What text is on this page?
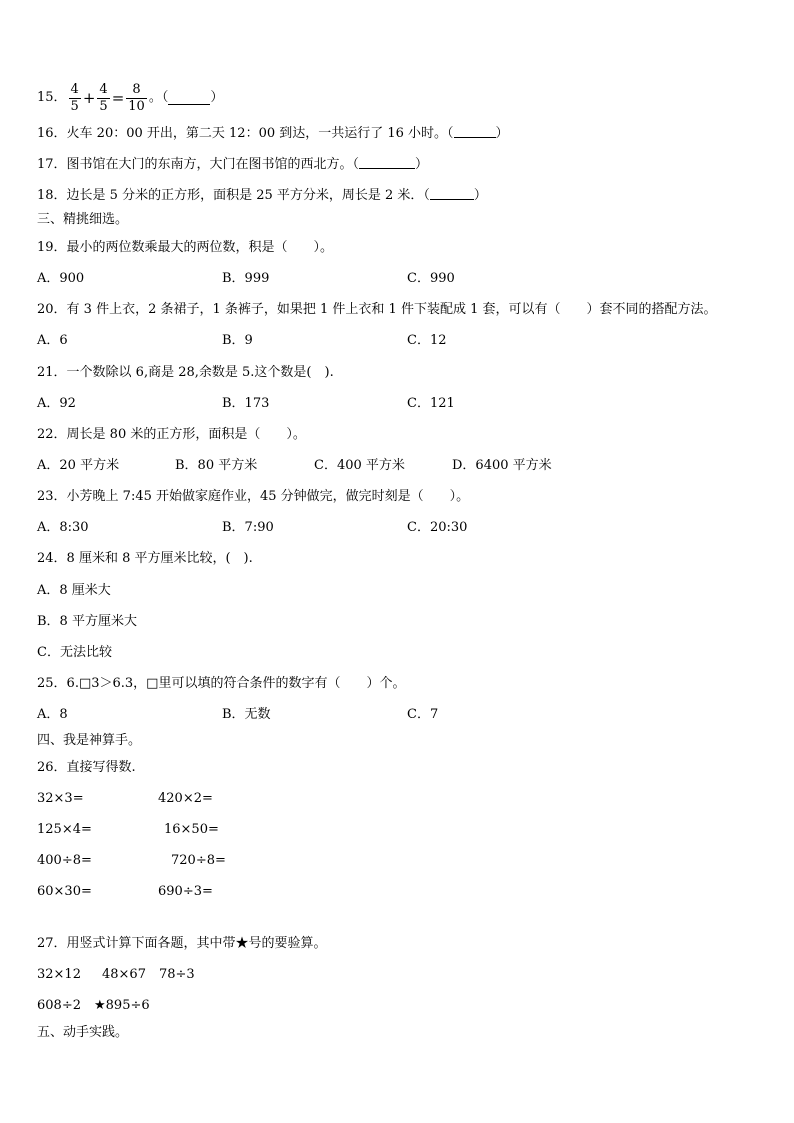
15． $\frac{4}{5} + \frac{4}{5} = \frac{8}{10}$ 。（	）
16．火车 20：00 开出，第二天 12：00 到达，一共运行了 16 小时。（	）
17．图书馆在大门的东南方，大门在图书馆的西北方。（	）
18．边长是 5 分米的正方形，面积是 25 平方分米，周长是 2 米．（	）
三、精挑细选。
19．最小的两位数乘最大的两位数，积是（　　）。
A．900	B．999	C．990
20．有 3 件上衣，2 条裙子，1 条裤子，如果把 1 件上衣和 1 件下装配成 1 套，可以有（　　）套不同的搭配方法。
A．6	B．9	C．12
21．一个数除以 6,商是 28,余数是 5.这个数是(　).
A．92	B．173	C．121
22．周长是 80 米的正方形，面积是（　　）。
A．20 平方米	B．80 平方米	C．400 平方米	D．6400 平方米
23．小芳晚上 7:45 开始做家庭作业，45 分钟做完，做完时刻是（　　）。
A．8:30	B．7:90	C．20:30
24．8 厘米和 8 平方厘米比较，(　).
A．8 厘米大
B．8 平方厘米大
C．无法比较
25．6.□3＞6.3，□里可以填的符合条件的数字有（　　）个。
A．8	B．无数	C．7
四、我是神算手。
26．直接写得数.
32×3=	420×2=
125×4=	16×50=
400÷8=	720÷8=
60×30=	690÷3=
27．用竖式计算下面各题，其中带★号的要验算。
32×12 48×67 78÷3
608÷2 ★895÷6
五、动手实践。
